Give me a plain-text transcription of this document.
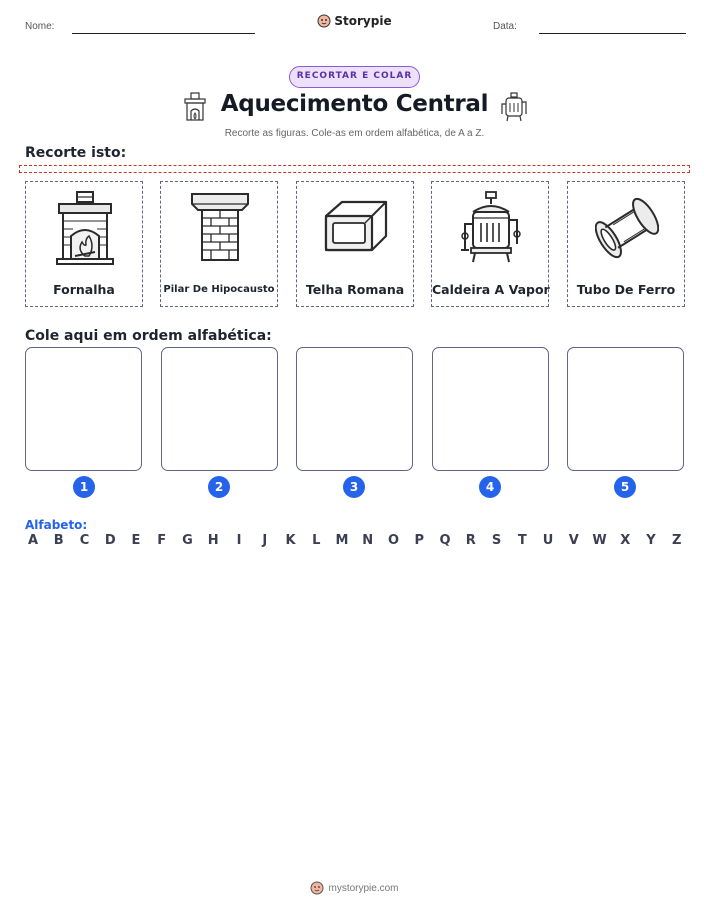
Nome:	Storypie	Data:
RECORTAR E COLAR
Aquecimento Central
Recorte as figuras. Cole-as em ordem alfabética, de A a Z.
Recorte isto:
Fornalha	Pilar De Hipocausto	Telha Romana	Caldeira A Vapor	Tubo De Ferro
Cole aqui em ordem alfabética:
1	2	3	4	5
Alfabeto:
A B C D E F G H	I	J	K L M N O P Q R S T U V W X Y Z
mystorypie.com
